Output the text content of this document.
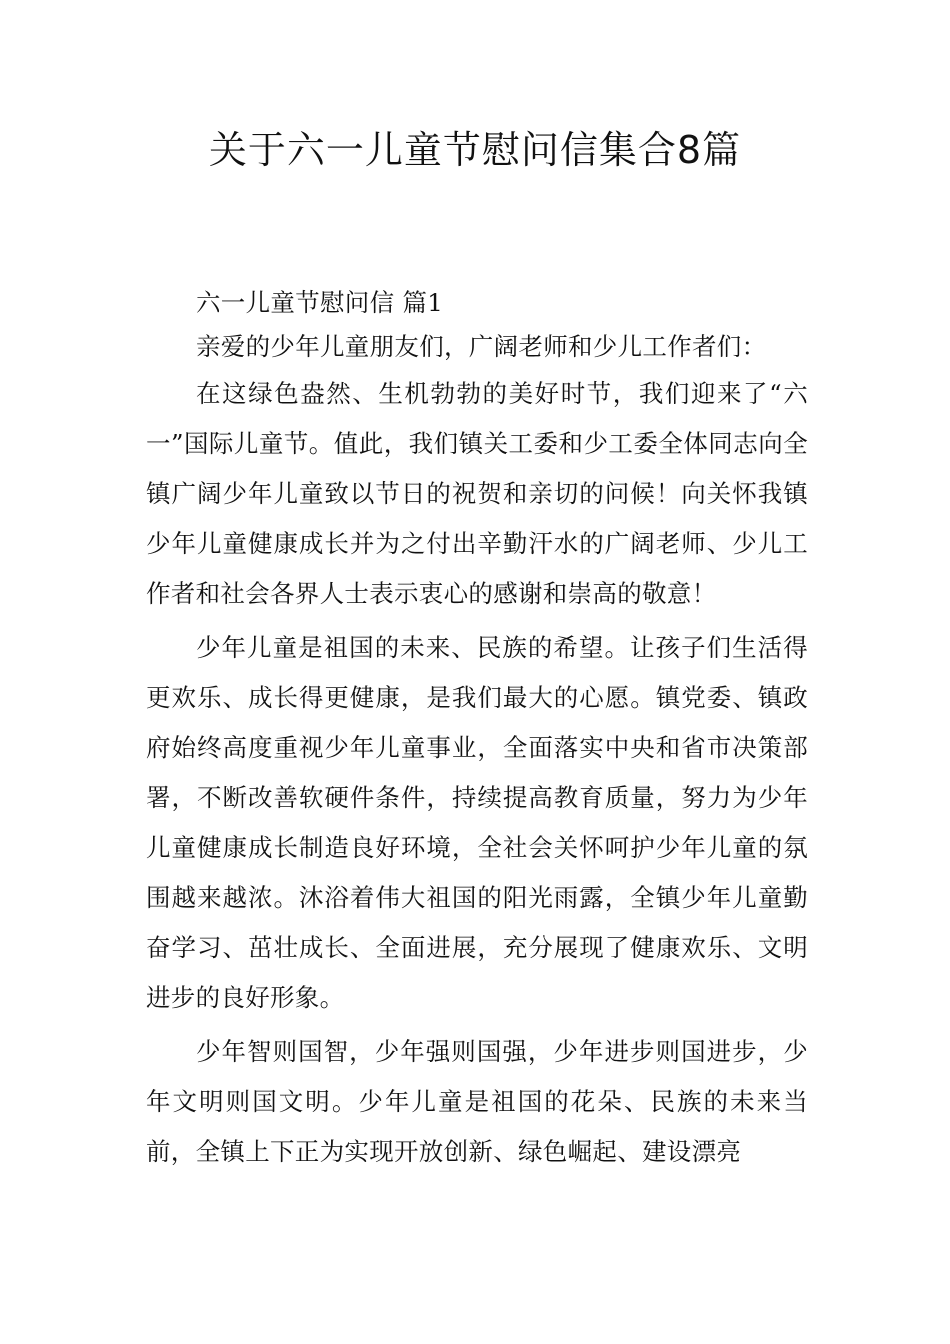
关于六一儿童节慰问信集合8篇

六一儿童节慰问信 篇1

亲爱的少年儿童朋友们，广阔老师和少儿工作者们：

在这绿色盎然、生机勃勃的美好时节，我们迎来了“六一”国际儿童节。值此，我们镇关工委和少工委全体同志向全镇广阔少年儿童致以节日的祝贺和亲切的问候！向关怀我镇少年儿童健康成长并为之付出辛勤汗水的广阔老师、少儿工作者和社会各界人士表示衷心的感谢和崇高的敬意！

少年儿童是祖国的未来、民族的希望。让孩子们生活得更欢乐、成长得更健康，是我们最大的心愿。镇党委、镇政府始终高度重视少年儿童事业，全面落实中央和省市决策部署，不断改善软硬件条件，持续提高教育质量，努力为少年儿童健康成长制造良好环境，全社会关怀呵护少年儿童的氛围越来越浓。沐浴着伟大祖国的阳光雨露，全镇少年儿童勤奋学习、茁壮成长、全面进展，充分展现了健康欢乐、文明进步的良好形象。

少年智则国智，少年强则国强，少年进步则国进步，少年文明则国文明。少年儿童是祖国的花朵、民族的未来当前，全镇上下正为实现开放创新、绿色崛起、建设漂亮
